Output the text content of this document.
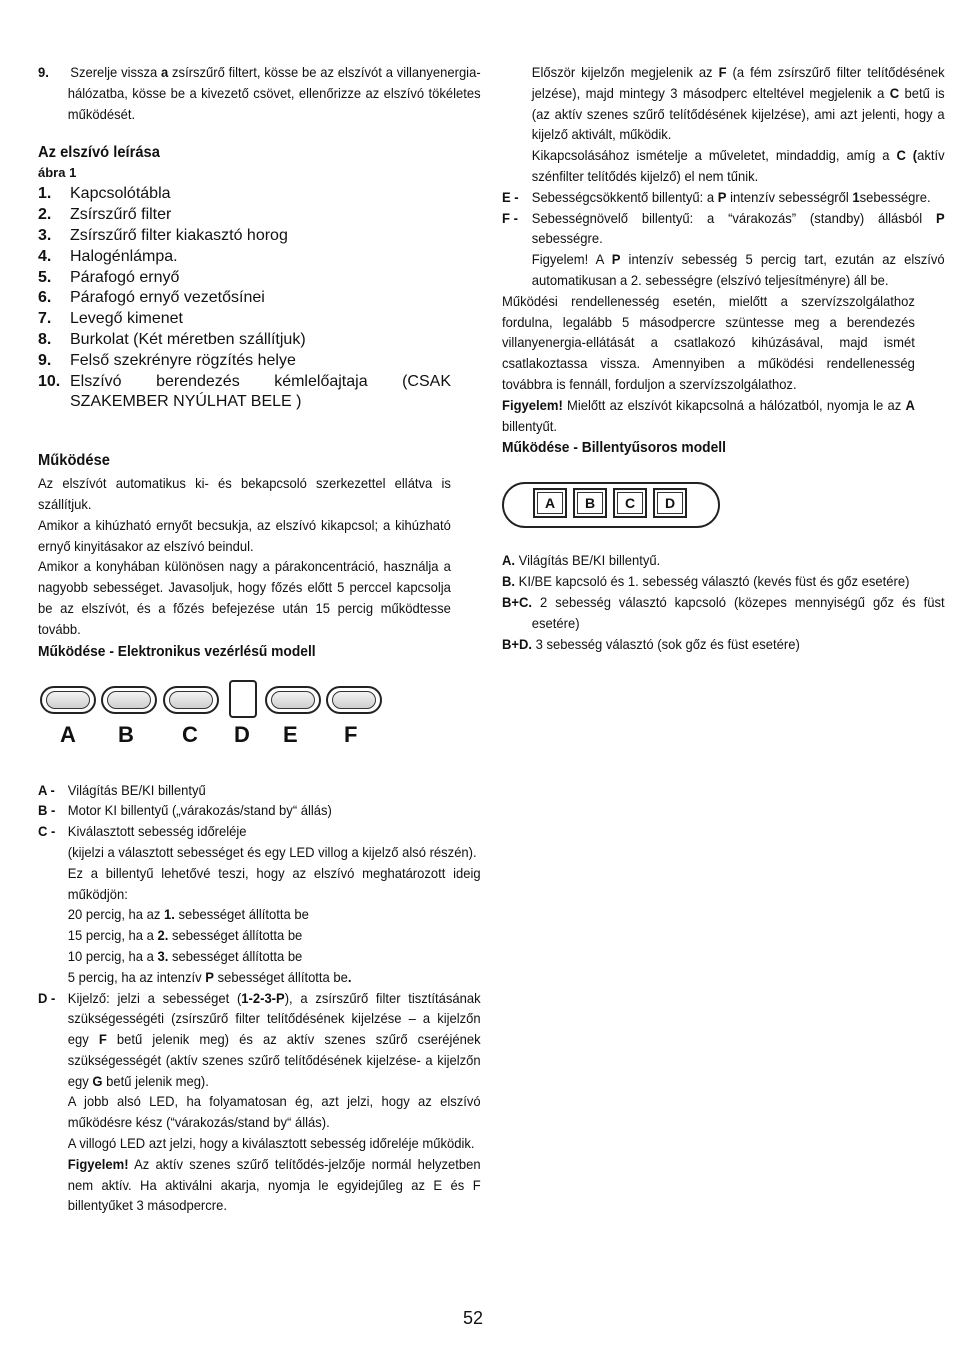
9. Szerelje vissza a zsírszűrő filtert, kösse be az elszívót a villanyenergia-hálózatba, kösse be a kivezető csövet, ellenőrizze az elszívó tökéletes működését.

Az elszívó leírása

ábra 1

1.	Kapcsolótábla
2.	Zsírszűrő filter
3.	Zsírszűrő filter kiakasztó horog
4.	Halogénlámpa.
5.	Párafogó ernyő
6.	Párafogó ernyő vezetősínei
7.	Levegő kimenet
8.	Burkolat (Két méretben szállítjuk)
9.	Felső szekrényre rögzítés helye
10. Elszívó berendezés kémlelőajtaja (CSAK SZAKEMBER NYÚLHAT BELE )

Működése

Az elszívót automatikus ki- és bekapcsoló szerkezettel ellátva is szállítjuk.

Amikor a kihúzható ernyőt becsukja, az elszívó kikapcsol; a kihúzható ernyő kinyitásakor az elszívó beindul.

Amikor a konyhában különösen nagy a párakoncentráció, használja a nagyobb sebességet. Javasoljuk, hogy főzés előtt 5 perccel kapcsolja be az elszívót, és a főzés befejezése után 15 percig működtesse tovább.

Működése - Elektronikus vezérlésű modell

A B C D E F

A - Világítás BE/KI billentyű

B - Motor KI billentyű („várakozás/stand by“ állás)

C - Kiválasztott sebesség időreléje

(kijelzi a választott sebességet és egy LED villog a kijelző alsó részén).

Ez a billentyű lehetővé teszi, hogy az elszívó meghatározott ideig működjön:

20 percig, ha az 1. sebességet állította be

15 percig, ha a 2. sebességet állította be

10 percig, ha a 3. sebességet állította be

5 percig, ha az intenzív P sebességet állította be.

D - Kijelző: jelzi a sebességet (1-2-3-P), a zsírszűrő filter tisztításának szükségességéti (zsírszűrő filter telítődésének kijelzése – a kijelzőn egy F betű jelenik meg) és az aktív szenes szűrő cseréjének szükségességét (aktív szenes szűrő telítődésének kijelzése- a kijelzőn egy G betű jelenik meg).

A jobb alsó LED, ha folyamatosan ég, azt jelzi, hogy az elszívó működésre kész (“várakozás/stand by“ állás).

A villogó LED azt jelzi, hogy a kiválasztott sebesség időreléje működik.

Figyelem! Az aktív szenes szűrő telítődés-jelzője normál helyzetben nem aktív. Ha aktiválni akarja, nyomja le egyidejűleg az E és F billentyűket 3 másodpercre.

Először kijelzőn megjelenik az F (a fém zsírszűrő filter telítődésének jelzése), majd mintegy 3 másodperc elteltével megjelenik a C betű is (az aktív szenes szűrő telítődésének kijelzése), ami azt jelenti, hogy a kijelző aktivált, működik.

Kikapcsolásához ismételje a műveletet, mindaddig, amíg a C (aktív szénfilter telítődés kijelző) el nem tűnik.

E - Sebességcsökkentő billentyű: a P intenzív sebességről 1sebességre.

F - Sebességnövelő billentyű: a “várakozás” (standby) állásból P sebességre.

Figyelem! A P intenzív sebesség 5 percig tart, ezután az elszívó automatikusan a 2. sebességre (elszívó teljesítményre) áll be.

Működési rendellenesség esetén, mielőtt a szervízszolgálathoz fordulna, legalább 5 másodpercre szüntesse meg a berendezés villanyenergia-ellátását a csatlakozó kihúzásával, majd ismét csatlakoztassa vissza. Amennyiben a működési rendellenesség továbbra is fennáll, forduljon a szervízszolgálathoz.

Figyelem! Mielőtt az elszívót kikapcsolná a hálózatból, nyomja le az A billentyűt.

Működése - Billentyűsoros modell

A	B	C	D

A. Világítás BE/KI billentyű.

B. KI/BE kapcsoló és 1. sebesség választó (kevés füst és gőz esetére)

B+C. 2 sebesség választó kapcsoló (közepes mennyiségű gőz és füst esetére)

B+D. 3 sebesség választó (sok gőz és füst esetére)

52
